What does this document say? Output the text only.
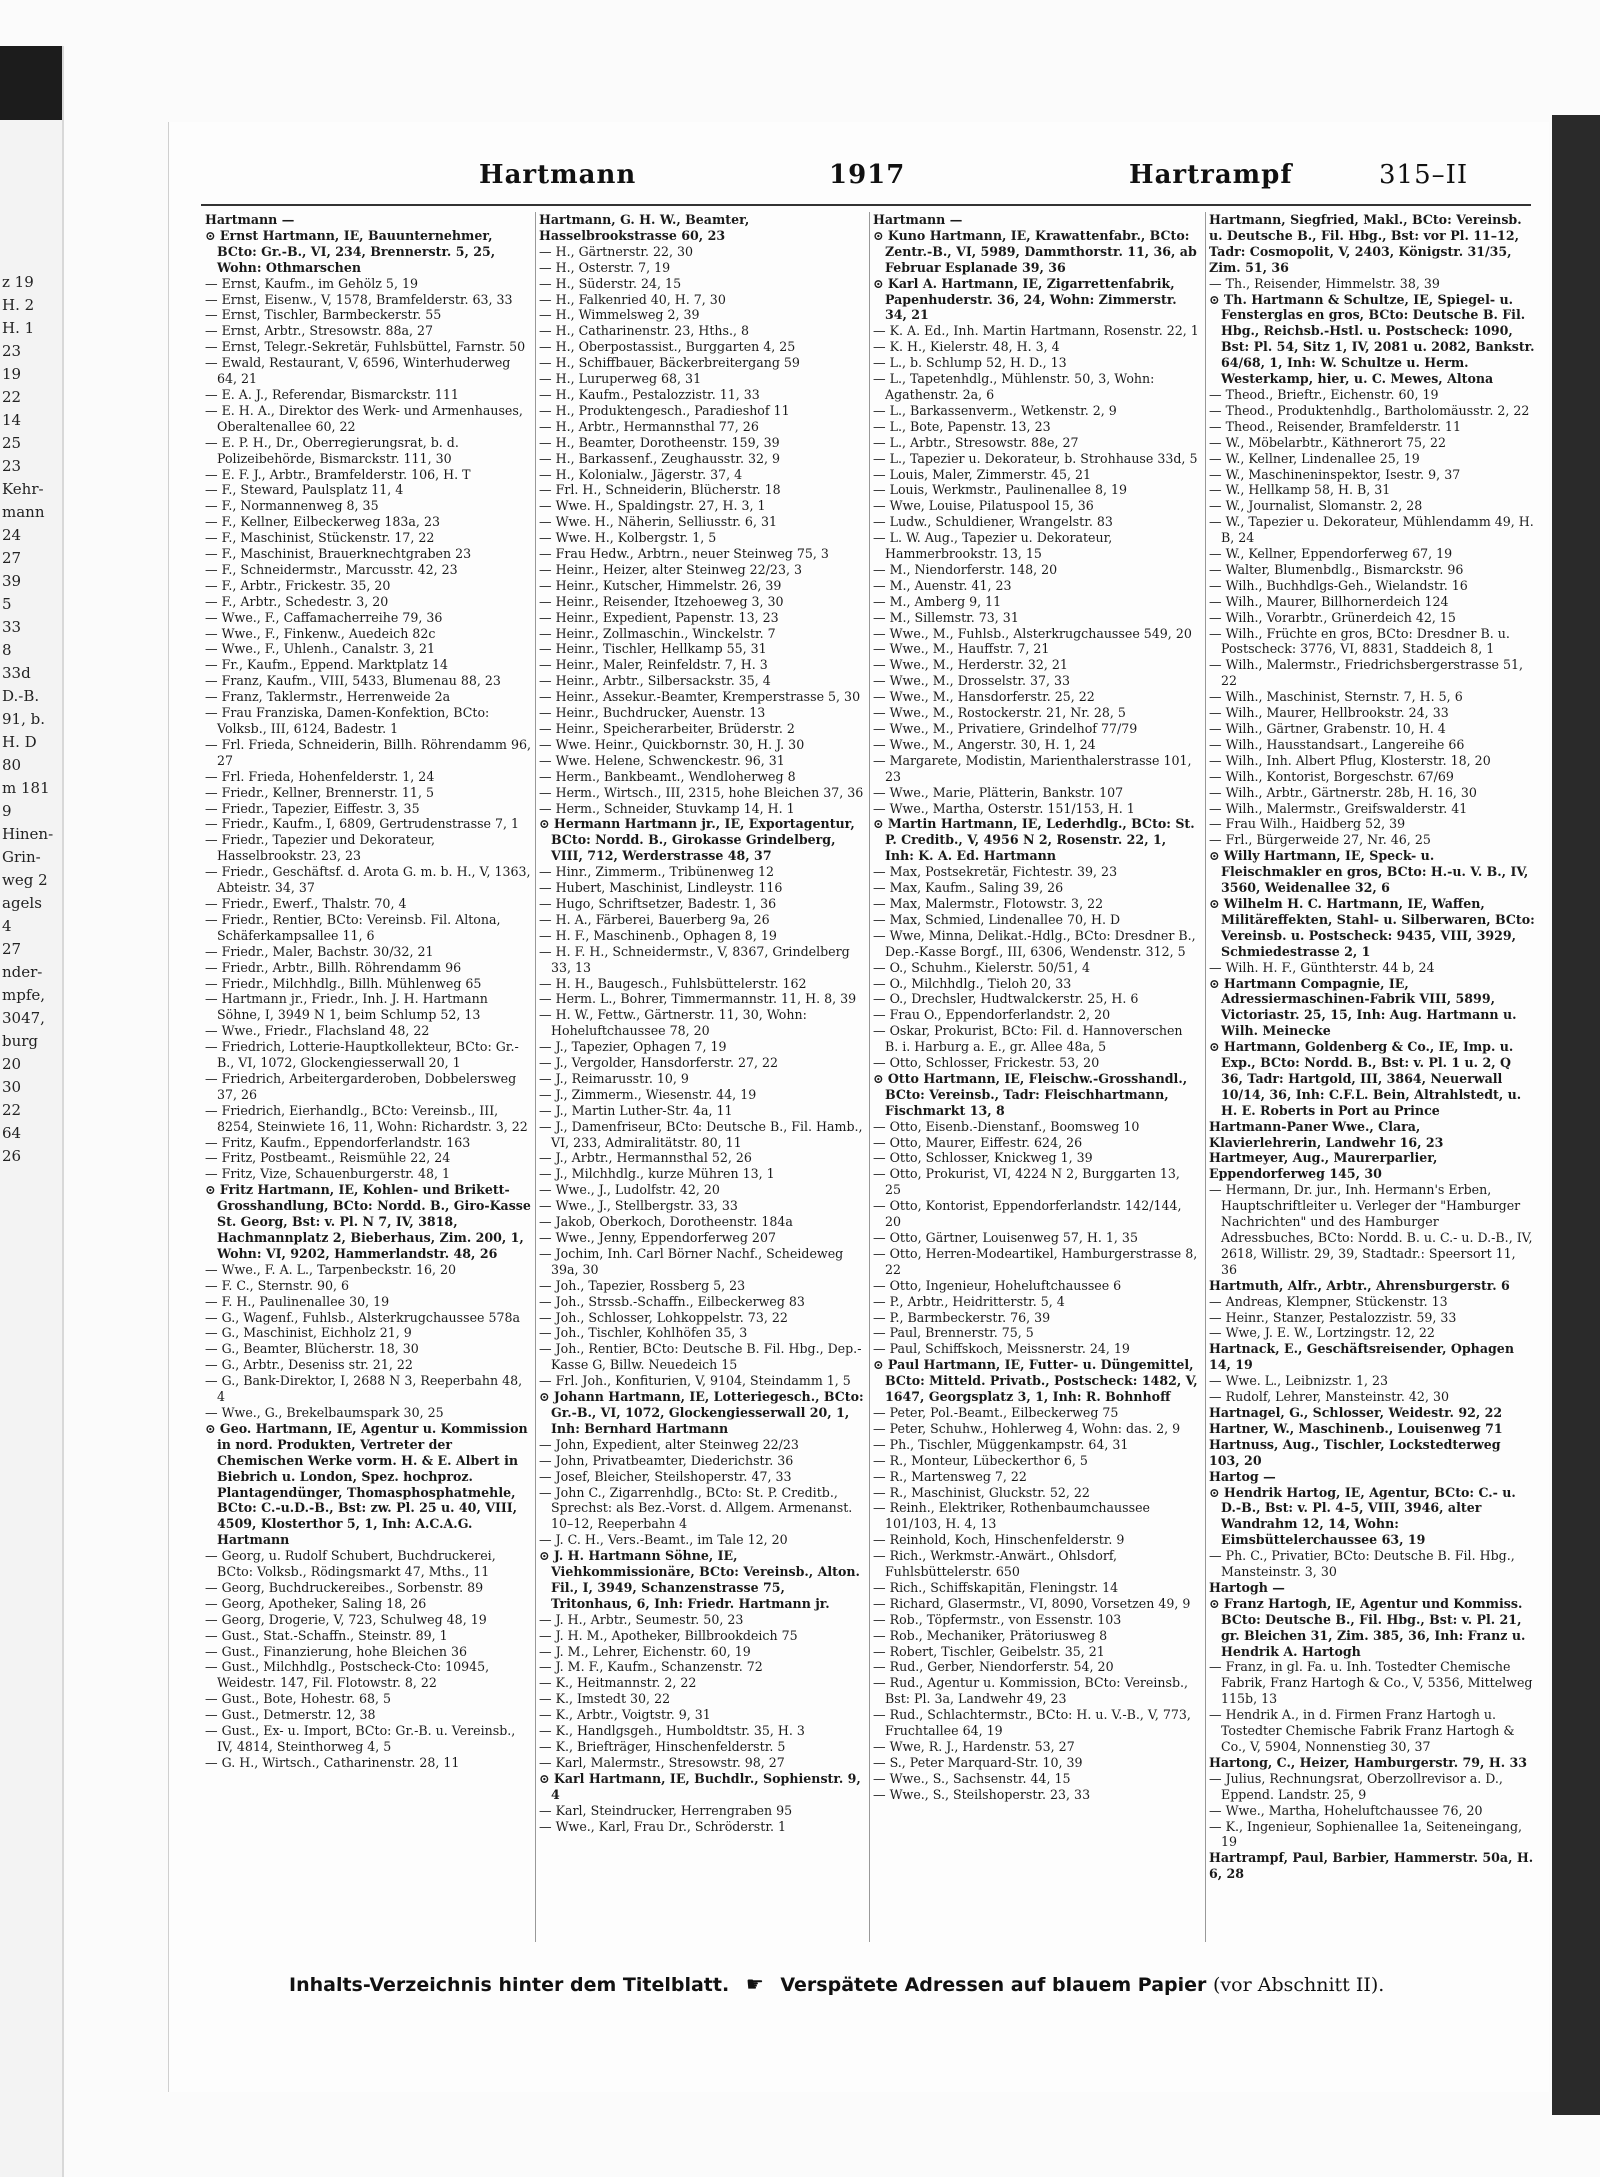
z 19
H. 2
H. 1
23
19
22
14
25
23
Kehr-
mann
24
27
39
5
33
8
33d
D.-B.
91, b.
H. D
80
m 181
9
Hinen-
Grin-
weg 2
agels
4
27
nder-
mpfe,
3047,
burg
20
30
22
64
26
Hartmann	1917	Hartrampf	315–II
Hartmann —
⊙ Ernst Hartmann, IE, Bauunternehmer, BCto: Gr.-B., VI, 234, Brennerstr. 5, 25, Wohn: Othmarschen
— Ernst, Kaufm., im Gehölz 5, 19
— Ernst, Eisenw., V, 1578, Bramfelderstr. 63, 33
— Ernst, Tischler, Barmbeckerstr. 55
— Ernst, Arbtr., Stresowstr. 88a, 27
— Ernst, Telegr.-Sekretär, Fuhlsbüttel, Farnstr. 50
— Ewald, Restaurant, V, 6596, Winterhuderweg 64, 21
— E. A. J., Referendar, Bismarckstr. 111
— E. H. A., Direktor des Werk- und Armenhauses, Oberaltenallee 60, 22
— E. P. H., Dr., Oberregierungsrat, b. d. Polizeibehörde, Bismarckstr. 111, 30
— E. F. J., Arbtr., Bramfelderstr. 106, H. T
— F., Steward, Paulsplatz 11, 4
— F., Normannenweg 8, 35
— F., Kellner, Eilbeckerweg 183a, 23
— F., Maschinist, Stückenstr. 17, 22
— F., Maschinist, Brauerknechtgraben 23
— F., Schneidermstr., Marcusstr. 42, 23
— F., Arbtr., Frickestr. 35, 20
— F., Arbtr., Schedestr. 3, 20
— Wwe., F., Caffamacherreihe 79, 36
— Wwe., F., Finkenw., Auedeich 82c
— Wwe., F., Uhlenh., Canalstr. 3, 21
— Fr., Kaufm., Eppend. Marktplatz 14
— Franz, Kaufm., VIII, 5433, Blumenau 88, 23
— Franz, Taklermstr., Herrenweide 2a
— Frau Franziska, Damen-Konfektion, BCto: Volksb., III, 6124, Badestr. 1
— Frl. Frieda, Schneiderin, Billh. Röhrendamm 96, 27
— Frl. Frieda, Hohenfelderstr. 1, 24
— Friedr., Kellner, Brennerstr. 11, 5
— Friedr., Tapezier, Eiffestr. 3, 35
— Friedr., Kaufm., I, 6809, Gertrudenstrasse 7, 1
— Friedr., Tapezier und Dekorateur, Hasselbrookstr. 23, 23
— Friedr., Geschäftsf. d. Arota G. m. b. H., V, 1363, Abteistr. 34, 37
— Friedr., Ewerf., Thalstr. 70, 4
— Friedr., Rentier, BCto: Vereinsb. Fil. Altona, Schäferkampsallee 11, 6
— Friedr., Maler, Bachstr. 30/32, 21
— Friedr., Arbtr., Billh. Röhrendamm 96
— Friedr., Milchhdlg., Billh. Mühlenweg 65
— Hartmann jr., Friedr., Inh. J. H. Hartmann Söhne, I, 3949 N 1, beim Schlump 52, 13
— Wwe., Friedr., Flachsland 48, 22
— Friedrich, Lotterie-Hauptkollekteur, BCto: Gr.-B., VI, 1072, Glockengiesserwall 20, 1
— Friedrich, Arbeitergarderoben, Dobbelersweg 37, 26
— Friedrich, Eierhandlg., BCto: Vereinsb., III, 8254, Steinwiete 16, 11, Wohn: Richardstr. 3, 22
— Fritz, Kaufm., Eppendorferlandstr. 163
— Fritz, Postbeamt., Reismühle 22, 24
— Fritz, Vize, Schauenburgerstr. 48, 1
⊙ Fritz Hartmann, IE, Kohlen- und Brikett-Grosshandlung, BCto: Nordd. B., Giro-Kasse St. Georg, Bst: v. Pl. N 7, IV, 3818, Hachmannplatz 2, Bieberhaus, Zim. 200, 1, Wohn: VI, 9202, Hammerlandstr. 48, 26
— Wwe., F. A. L., Tarpenbeckstr. 16, 20
— F. C., Sternstr. 90, 6
— F. H., Paulinenallee 30, 19
— G., Wagenf., Fuhlsb., Alsterkrugchaussee 578a
— G., Maschinist, Eichholz 21, 9
— G., Beamter, Blücherstr. 18, 30
— G., Arbtr., Deseniss str. 21, 22
— G., Bank-Direktor, I, 2688 N 3, Reeperbahn 48, 4
— Wwe., G., Brekelbaumspark 30, 25
⊙ Geo. Hartmann, IE, Agentur u. Kommission in nord. Produkten, Vertreter der Chemischen Werke vorm. H. & E. Albert in Biebrich u. London, Spez. hochproz. Plantagendünger, Thomasphosphatmehle, BCto: C.-u.D.-B., Bst: zw. Pl. 25 u. 40, VIII, 4509, Klosterthor 5, 1, Inh: A.C.A.G. Hartmann
— Georg, u. Rudolf Schubert, Buchdruckerei, BCto: Volksb., Rödingsmarkt 47, Mths., 11
— Georg, Buchdruckereibes., Sorbenstr. 89
— Georg, Apotheker, Saling 18, 26
— Georg, Drogerie, V, 723, Schulweg 48, 19
— Gust., Stat.-Schaffn., Steinstr. 89, 1
— Gust., Finanzierung, hohe Bleichen 36
— Gust., Milchhdlg., Postscheck-Cto: 10945, Weidestr. 147, Fil. Flotowstr. 8, 22
— Gust., Bote, Hohestr. 68, 5
— Gust., Detmerstr. 12, 38
— Gust., Ex- u. Import, BCto: Gr.-B. u. Vereinsb., IV, 4814, Steinthorweg 4, 5
— G. H., Wirtsch., Catharinenstr. 28, 11
Hartmann, G. H. W., Beamter, Hasselbrookstrasse 60, 23
— H., Gärtnerstr. 22, 30
— H., Osterstr. 7, 19
— H., Süderstr. 24, 15
— H., Falkenried 40, H. 7, 30
— H., Wimmelsweg 2, 39
— H., Catharinenstr. 23, Hths., 8
— H., Oberpostassist., Burggarten 4, 25
— H., Schiffbauer, Bäckerbreitergang 59
— H., Luruperweg 68, 31
— H., Kaufm., Pestalozzistr. 11, 33
— H., Produktengesch., Paradieshof 11
— H., Arbtr., Hermannsthal 77, 26
— H., Beamter, Dorotheenstr. 159, 39
— H., Barkassenf., Zeughausstr. 32, 9
— H., Kolonialw., Jägerstr. 37, 4
— Frl. H., Schneiderin, Blücherstr. 18
— Wwe. H., Spaldingstr. 27, H. 3, 1
— Wwe. H., Näherin, Selliusstr. 6, 31
— Wwe. H., Kolbergstr. 1, 5
— Frau Hedw., Arbtrn., neuer Steinweg 75, 3
— Heinr., Heizer, alter Steinweg 22/23, 3
— Heinr., Kutscher, Himmelstr. 26, 39
— Heinr., Reisender, Itzehoeweg 3, 30
— Heinr., Expedient, Papenstr. 13, 23
— Heinr., Zollmaschin., Winckelstr. 7
— Heinr., Tischler, Hellkamp 55, 31
— Heinr., Maler, Reinfeldstr. 7, H. 3
— Heinr., Arbtr., Silbersackstr. 35, 4
— Heinr., Assekur.-Beamter, Kremperstrasse 5, 30
— Heinr., Buchdrucker, Auenstr. 13
— Heinr., Speicherarbeiter, Brüderstr. 2
— Wwe. Heinr., Quickbornstr. 30, H. J. 30
— Wwe. Helene, Schwenckestr. 96, 31
— Herm., Bankbeamt., Wendloherweg 8
— Herm., Wirtsch., III, 2315, hohe Bleichen 37, 36
— Herm., Schneider, Stuvkamp 14, H. 1
⊙ Hermann Hartmann jr., IE, Exportagentur, BCto: Nordd. B., Girokasse Grindelberg, VIII, 712, Werderstrasse 48, 37
— Hinr., Zimmerm., Tribünenweg 12
— Hubert, Maschinist, Lindleystr. 116
— Hugo, Schriftsetzer, Badestr. 1, 36
— H. A., Färberei, Bauerberg 9a, 26
— H. F., Maschinenb., Ophagen 8, 19
— H. F. H., Schneidermstr., V, 8367, Grindelberg 33, 13
— H. H., Baugesch., Fuhlsbüttelerstr. 162
— Herm. L., Bohrer, Timmermannstr. 11, H. 8, 39
— H. W., Fettw., Gärtnerstr. 11, 30, Wohn: Hoheluftchaussee 78, 20
— J., Tapezier, Ophagen 7, 19
— J., Vergolder, Hansdorferstr. 27, 22
— J., Reimarusstr. 10, 9
— J., Zimmerm., Wiesenstr. 44, 19
— J., Martin Luther-Str. 4a, 11
— J., Damenfriseur, BCto: Deutsche B., Fil. Hamb., VI, 233, Admiralitätstr. 80, 11
— J., Arbtr., Hermannsthal 52, 26
— J., Milchhdlg., kurze Mühren 13, 1
— Wwe., J., Ludolfstr. 42, 20
— Wwe., J., Stellbergstr. 33, 33
— Jakob, Oberkoch, Dorotheenstr. 184a
— Wwe., Jenny, Eppendorferweg 207
— Jochim, Inh. Carl Börner Nachf., Scheideweg 39a, 30
— Joh., Tapezier, Rossberg 5, 23
— Joh., Strssb.-Schaffn., Eilbeckerweg 83
— Joh., Schlosser, Lohkoppelstr. 73, 22
— Joh., Tischler, Kohlhöfen 35, 3
— Joh., Rentier, BCto: Deutsche B. Fil. Hbg., Dep.-Kasse G, Billw. Neuedeich 15
— Frl. Joh., Konfiturien, V, 9104, Steindamm 1, 5
⊙ Johann Hartmann, IE, Lotteriegesch., BCto: Gr.-B., VI, 1072, Glockengiesserwall 20, 1, Inh: Bernhard Hartmann
— John, Expedient, alter Steinweg 22/23
— John, Privatbeamter, Diederichstr. 36
— Josef, Bleicher, Steilshoperstr. 47, 33
— John C., Zigarrenhdlg., BCto: St. P. Creditb., Sprechst: als Bez.-Vorst. d. Allgem. Armenanst. 10–12, Reeperbahn 4
— J. C. H., Vers.-Beamt., im Tale 12, 20
⊙ J. H. Hartmann Söhne, IE, Viehkommissionäre, BCto: Vereinsb., Alton. Fil., I, 3949, Schanzenstrasse 75, Tritonhaus, 6, Inh: Friedr. Hartmann jr.
— J. H., Arbtr., Seumestr. 50, 23
— J. H. M., Apotheker, Billbrookdeich 75
— J. M., Lehrer, Eichenstr. 60, 19
— J. M. F., Kaufm., Schanzenstr. 72
— K., Heitmannstr. 2, 22
— K., Imstedt 30, 22
— K., Arbtr., Voigtstr. 9, 31
— K., Handlgsgeh., Humboldtstr. 35, H. 3
— K., Briefträger, Hinschenfelderstr. 5
— Karl, Malermstr., Stresowstr. 98, 27
⊙ Karl Hartmann, IE, Buchdlr., Sophienstr. 9, 4
— Karl, Steindrucker, Herrengraben 95
— Wwe., Karl, Frau Dr., Schröderstr. 1
Hartmann —
⊙ Kuno Hartmann, IE, Krawattenfabr., BCto: Zentr.-B., VI, 5989, Dammthorstr. 11, 36, ab Februar Esplanade 39, 36
⊙ Karl A. Hartmann, IE, Zigarrettenfabrik, Papenhuderstr. 36, 24, Wohn: Zimmerstr. 34, 21
— K. A. Ed., Inh. Martin Hartmann, Rosenstr. 22, 1
— K. H., Kielerstr. 48, H. 3, 4
— L., b. Schlump 52, H. D., 13
— L., Tapetenhdlg., Mühlenstr. 50, 3, Wohn: Agathenstr. 2a, 6
— L., Barkassenverm., Wetkenstr. 2, 9
— L., Bote, Papenstr. 13, 23
— L., Arbtr., Stresowstr. 88e, 27
— L., Tapezier u. Dekorateur, b. Strohhause 33d, 5
— Louis, Maler, Zimmerstr. 45, 21
— Louis, Werkmstr., Paulinenallee 8, 19
— Wwe, Louise, Pilatuspool 15, 36
— Ludw., Schuldiener, Wrangelstr. 83
— L. W. Aug., Tapezier u. Dekorateur, Hammerbrookstr. 13, 15
— M., Niendorferstr. 148, 20
— M., Auenstr. 41, 23
— M., Amberg 9, 11
— M., Sillemstr. 73, 31
— Wwe., M., Fuhlsb., Alsterkrugchaussee 549, 20
— Wwe., M., Hauffstr. 7, 21
— Wwe., M., Herderstr. 32, 21
— Wwe., M., Drosselstr. 37, 33
— Wwe., M., Hansdorferstr. 25, 22
— Wwe., M., Rostockerstr. 21, Nr. 28, 5
— Wwe., M., Privatiere, Grindelhof 77/79
— Wwe., M., Angerstr. 30, H. 1, 24
— Margarete, Modistin, Marienthalerstrasse 101, 23
— Wwe., Marie, Plätterin, Bankstr. 107
— Wwe., Martha, Osterstr. 151/153, H. 1
⊙ Martin Hartmann, IE, Lederhdlg., BCto: St. P. Creditb., V, 4956 N 2, Rosenstr. 22, 1, Inh: K. A. Ed. Hartmann
— Max, Postsekretär, Fichtestr. 39, 23
— Max, Kaufm., Saling 39, 26
— Max, Malermstr., Flotowstr. 3, 22
— Max, Schmied, Lindenallee 70, H. D
— Wwe, Minna, Delikat.-Hdlg., BCto: Dresdner B., Dep.-Kasse Borgf., III, 6306, Wendenstr. 312, 5
— O., Schuhm., Kielerstr. 50/51, 4
— O., Milchhdlg., Tieloh 20, 33
— O., Drechsler, Hudtwalckerstr. 25, H. 6
— Frau O., Eppendorferlandstr. 2, 20
— Oskar, Prokurist, BCto: Fil. d. Hannoverschen B. i. Harburg a. E., gr. Allee 48a, 5
— Otto, Schlosser, Frickestr. 53, 20
⊙ Otto Hartmann, IE, Fleischw.-Grosshandl., BCto: Vereinsb., Tadr: Fleischhartmann, Fischmarkt 13, 8
— Otto, Eisenb.-Dienstanf., Boomsweg 10
— Otto, Maurer, Eiffestr. 624, 26
— Otto, Schlosser, Knickweg 1, 39
— Otto, Prokurist, VI, 4224 N 2, Burggarten 13, 25
— Otto, Kontorist, Eppendorferlandstr. 142/144, 20
— Otto, Gärtner, Louisenweg 57, H. 1, 35
— Otto, Herren-Modeartikel, Hamburgerstrasse 8, 22
— Otto, Ingenieur, Hoheluftchaussee 6
— P., Arbtr., Heidritterstr. 5, 4
— P., Barmbeckerstr. 76, 39
— Paul, Brennerstr. 75, 5
— Paul, Schiffskoch, Meissnerstr. 24, 19
⊙ Paul Hartmann, IE, Futter- u. Düngemittel, BCto: Mitteld. Privatb., Postscheck: 1482, V, 1647, Georgsplatz 3, 1, Inh: R. Bohnhoff
— Peter, Pol.-Beamt., Eilbeckerweg 75
— Peter, Schuhw., Hohlerweg 4, Wohn: das. 2, 9
— Ph., Tischler, Müggenkampstr. 64, 31
— R., Monteur, Lübeckerthor 6, 5
— R., Martensweg 7, 22
— R., Maschinist, Gluckstr. 52, 22
— Reinh., Elektriker, Rothenbaumchaussee 101/103, H. 4, 13
— Reinhold, Koch, Hinschenfelderstr. 9
— Rich., Werkmstr.-Anwärt., Ohlsdorf, Fuhlsbüttelerstr. 650
— Rich., Schiffskapitän, Fleningstr. 14
— Richard, Glasermstr., VI, 8090, Vorsetzen 49, 9
— Rob., Töpfermstr., von Essenstr. 103
— Rob., Mechaniker, Prätoriusweg 8
— Robert, Tischler, Geibelstr. 35, 21
— Rud., Gerber, Niendorferstr. 54, 20
— Rud., Agentur u. Kommission, BCto: Vereinsb., Bst: Pl. 3a, Landwehr 49, 23
— Rud., Schlachtermstr., BCto: H. u. V.-B., V, 773, Fruchtallee 64, 19
— Wwe, R. J., Hardenstr. 53, 27
— S., Peter Marquard-Str. 10, 39
— Wwe., S., Sachsenstr. 44, 15
— Wwe., S., Steilshoperstr. 23, 33
Hartmann, Siegfried, Makl., BCto: Vereinsb. u. Deutsche B., Fil. Hbg., Bst: vor Pl. 11–12, Tadr: Cosmopolit, V, 2403, Königstr. 31/35, Zim. 51, 36
— Th., Reisender, Himmelstr. 38, 39
⊙ Th. Hartmann & Schultze, IE, Spiegel- u. Fensterglas en gros, BCto: Deutsche B. Fil. Hbg., Reichsb.-Hstl. u. Postscheck: 1090, Bst: Pl. 54, Sitz 1, IV, 2081 u. 2082, Bankstr. 64/68, 1, Inh: W. Schultze u. Herm. Westerkamp, hier, u. C. Mewes, Altona
— Theod., Brieftr., Eichenstr. 60, 19
— Theod., Produktenhdlg., Bartholomäusstr. 2, 22
— Theod., Reisender, Bramfelderstr. 11
— W., Möbelarbtr., Käthnerort 75, 22
— W., Kellner, Lindenallee 25, 19
— W., Maschineninspektor, Isestr. 9, 37
— W., Hellkamp 58, H. B, 31
— W., Journalist, Slomanstr. 2, 28
— W., Tapezier u. Dekorateur, Mühlendamm 49, H. B, 24
— W., Kellner, Eppendorferweg 67, 19
— Walter, Blumenbdlg., Bismarckstr. 96
— Wilh., Buchhdlgs-Geh., Wielandstr. 16
— Wilh., Maurer, Billhornerdeich 124
— Wilh., Vorarbtr., Grünerdeich 42, 15
— Wilh., Früchte en gros, BCto: Dresdner B. u. Postscheck: 3776, VI, 8831, Staddeich 8, 1
— Wilh., Malermstr., Friedrichsbergerstrasse 51, 22
— Wilh., Maschinist, Sternstr. 7, H. 5, 6
— Wilh., Maurer, Hellbrookstr. 24, 33
— Wilh., Gärtner, Grabenstr. 10, H. 4
— Wilh., Hausstandsart., Langereihe 66
— Wilh., Inh. Albert Pflug, Klosterstr. 18, 20
— Wilh., Kontorist, Borgeschstr. 67/69
— Wilh., Arbtr., Gärtnerstr. 28b, H. 16, 30
— Wilh., Malermstr., Greifswalderstr. 41
— Frau Wilh., Haidberg 52, 39
— Frl., Bürgerweide 27, Nr. 46, 25
⊙ Willy Hartmann, IE, Speck- u. Fleischmakler en gros, BCto: H.-u. V. B., IV, 3560, Weidenallee 32, 6
⊙ Wilhelm H. C. Hartmann, IE, Waffen, Militäreffekten, Stahl- u. Silberwaren, BCto: Vereinsb. u. Postscheck: 9435, VIII, 3929, Schmiedestrasse 2, 1
— Wilh. H. F., Günthterstr. 44 b, 24
⊙ Hartmann Compagnie, IE, Adressiermaschinen-Fabrik VIII, 5899, Victoriastr. 25, 15, Inh: Aug. Hartmann u. Wilh. Meinecke
⊙ Hartmann, Goldenberg & Co., IE, Imp. u. Exp., BCto: Nordd. B., Bst: v. Pl. 1 u. 2, Q 36, Tadr: Hartgold, III, 3864, Neuerwall 10/14, 36, Inh: C.F.L. Bein, Altrahlstedt, u. H. E. Roberts in Port au Prince
Hartmann-Paner Wwe., Clara, Klavierlehrerin, Landwehr 16, 23
Hartmeyer, Aug., Maurerparlier, Eppendorferweg 145, 30
— Hermann, Dr. jur., Inh. Hermann's Erben, Hauptschriftleiter u. Verleger der "Hamburger Nachrichten" und des Hamburger Adressbuches, BCto: Nordd. B. u. C.- u. D.-B., IV, 2618, Willistr. 29, 39, Stadtadr.: Speersort 11, 36
Hartmuth, Alfr., Arbtr., Ahrensburgerstr. 6
— Andreas, Klempner, Stückenstr. 13
— Heinr., Stanzer, Pestalozzistr. 59, 33
— Wwe, J. E. W., Lortzingstr. 12, 22
Hartnack, E., Geschäftsreisender, Ophagen 14, 19
— Wwe. L., Leibnizstr. 1, 23
— Rudolf, Lehrer, Mansteinstr. 42, 30
Hartnagel, G., Schlosser, Weidestr. 92, 22
Hartner, W., Maschinenb., Louisenweg 71
Hartnuss, Aug., Tischler, Lockstedterweg 103, 20
Hartog —
⊙ Hendrik Hartog, IE, Agentur, BCto: C.- u. D.-B., Bst: v. Pl. 4–5, VIII, 3946, alter Wandrahm 12, 14, Wohn: Eimsbüttelerchaussee 63, 19
— Ph. C., Privatier, BCto: Deutsche B. Fil. Hbg., Mansteinstr. 3, 30
Hartogh —
⊙ Franz Hartogh, IE, Agentur und Kommiss. BCto: Deutsche B., Fil. Hbg., Bst: v. Pl. 21, gr. Bleichen 31, Zim. 385, 36, Inh: Franz u. Hendrik A. Hartogh
— Franz, in gl. Fa. u. Inh. Tostedter Chemische Fabrik, Franz Hartogh & Co., V, 5356, Mittelweg 115b, 13
— Hendrik A., in d. Firmen Franz Hartogh u. Tostedter Chemische Fabrik Franz Hartogh & Co., V, 5904, Nonnenstieg 30, 37
Hartong, C., Heizer, Hamburgerstr. 79, H. 33
— Julius, Rechnungsrat, Oberzollrevisor a. D., Eppend. Landstr. 25, 9
— Wwe., Martha, Hoheluftchaussee 76, 20
— K., Ingenieur, Sophienallee 1a, Seiteneingang, 19
Hartrampf, Paul, Barbier, Hammerstr. 50a, H. 6, 28
Inhalts-Verzeichnis hinter dem Titelblatt. ☛ Verspätete Adressen auf blauem Papier (vor Abschnitt II).
